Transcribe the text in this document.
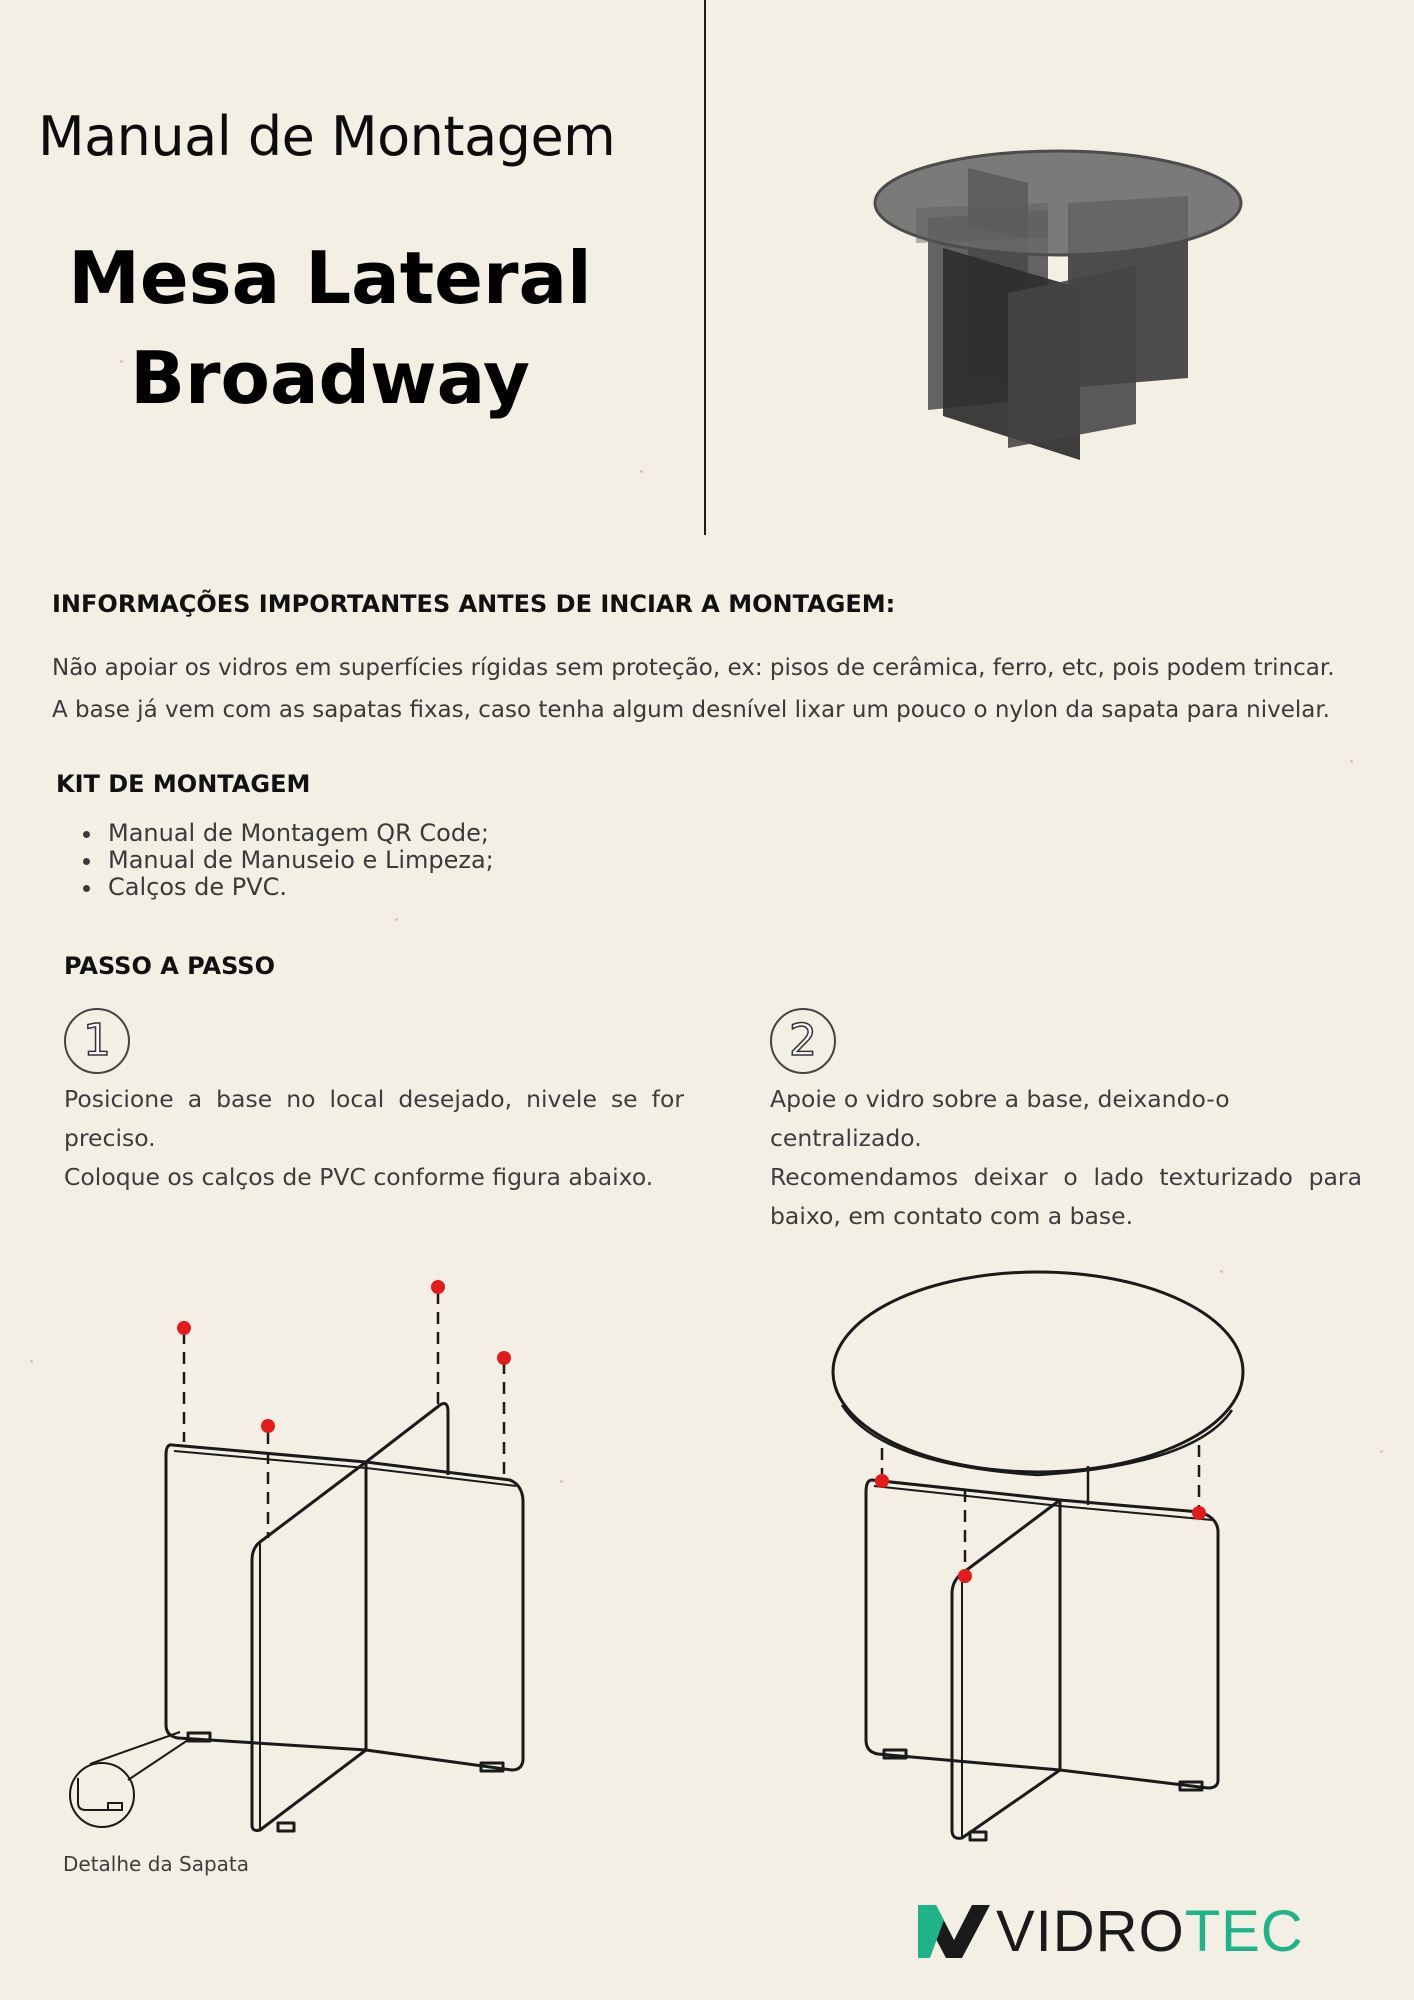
Manual de Montagem
Mesa Lateral
Broadway
INFORMAÇÕES IMPORTANTES ANTES DE INCIAR A MONTAGEM:
Não apoiar os vidros em superfícies rígidas sem proteção, ex: pisos de cerâmica, ferro, etc, pois podem trincar.
A base já vem com as sapatas fixas, caso tenha algum desnível lixar um pouco o nylon da sapata para nivelar.
KIT DE MONTAGEM
• Manual de Montagem QR Code;
• Manual de Manuseio e Limpeza;
• Calços de PVC.
PASSO A PASSO
1
Posicione a base no local desejado, nivele se for preciso.
Coloque os calços de PVC conforme figura abaixo.
2
Apoie o vidro sobre a base, deixando-o centralizado.
Recomendamos deixar o lado texturizado para baixo, em contato com a base.
Detalhe da Sapata
VIDROTEC
